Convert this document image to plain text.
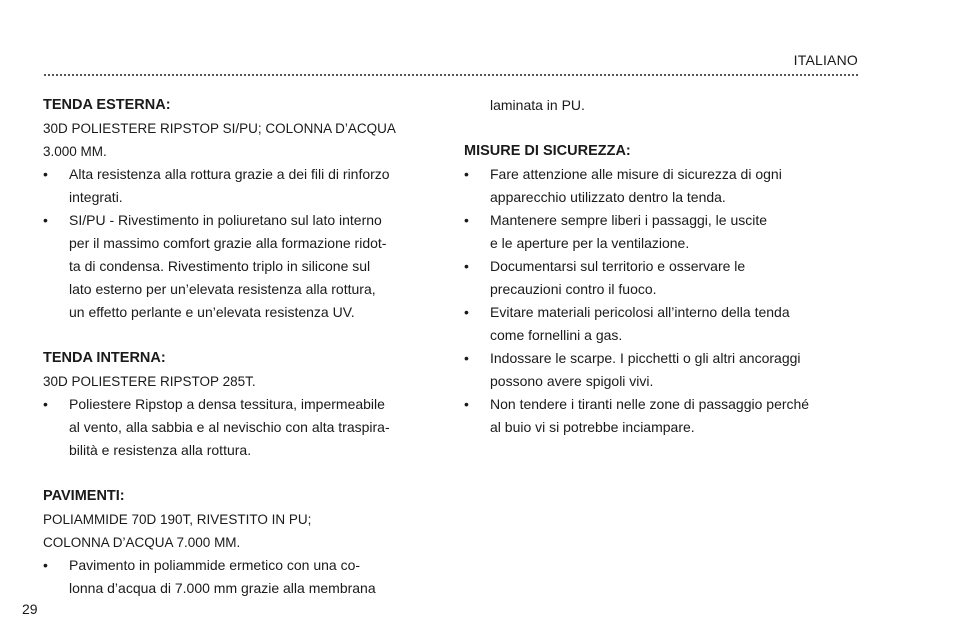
ITALIANO
TENDA ESTERNA:
30D POLIESTERE RIPSTOP SI/PU; COLONNA D’ACQUA
3.000 MM.
• Alta resistenza alla rottura grazie a dei fili di rinforzo
integrati.
• SI/PU - Rivestimento in poliuretano sul lato interno
per il massimo comfort grazie alla formazione ridot-
ta di condensa. Rivestimento triplo in silicone sul
lato esterno per un’elevata resistenza alla rottura,
un effetto perlante e un’elevata resistenza UV.
TENDA INTERNA:
30D POLIESTERE RIPSTOP 285T.
• Poliestere Ripstop a densa tessitura, impermeabile
al vento, alla sabbia e al nevischio con alta traspira-
bilità e resistenza alla rottura.
PAVIMENTI:
POLIAMMIDE 70D 190T, RIVESTITO IN PU;
COLONNA D’ACQUA 7.000 MM.
• Pavimento in poliammide ermetico con una co-
lonna d’acqua di 7.000 mm grazie alla membrana
laminata in PU.
MISURE DI SICUREZZA:
• Fare attenzione alle misure di sicurezza di ogni
apparecchio utilizzato dentro la tenda.
• Mantenere sempre liberi i passaggi, le uscite
e le aperture per la ventilazione.
• Documentarsi sul territorio e osservare le
precauzioni contro il fuoco.
• Evitare materiali pericolosi all’interno della tenda
come fornellini a gas.
• Indossare le scarpe. I picchetti o gli altri ancoraggi
possono avere spigoli vivi.
• Non tendere i tiranti nelle zone di passaggio perché
al buio vi si potrebbe inciampare.
29
